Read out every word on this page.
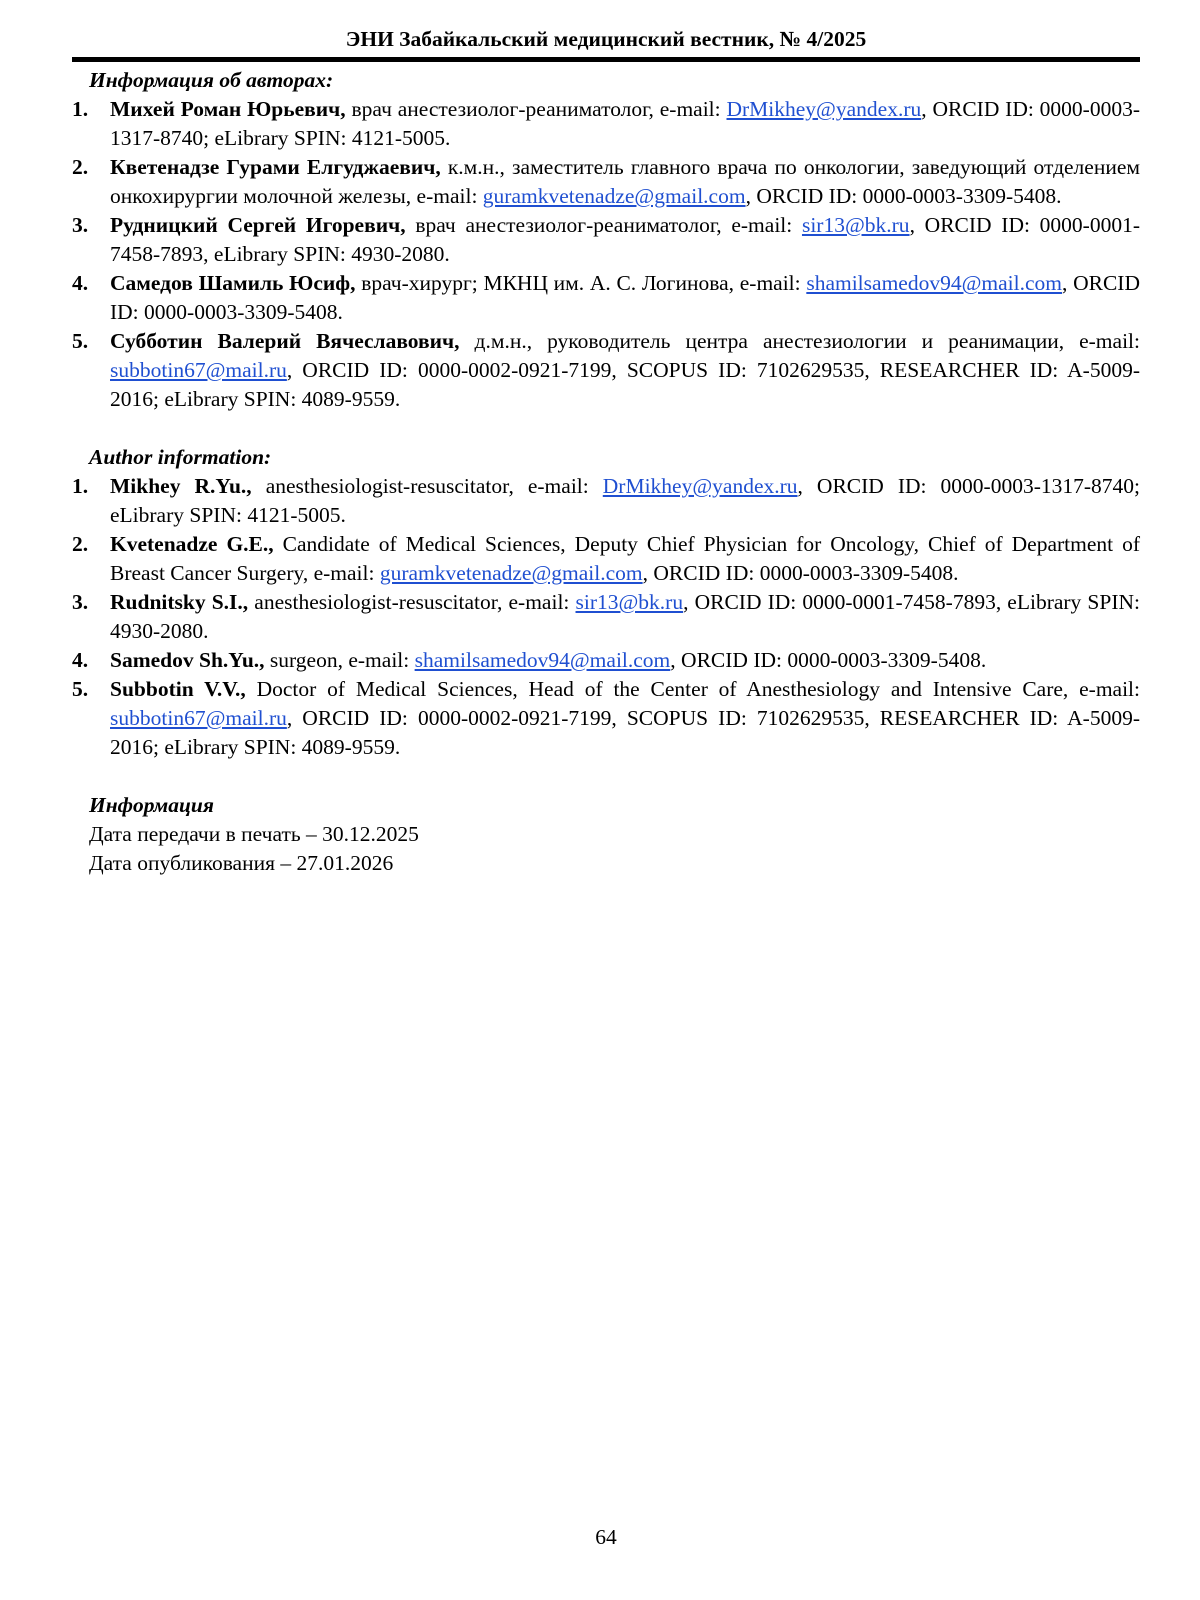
ЭНИ Забайкальский медицинский вестник, № 4/2025

Информация об авторах:

1. Михей Роман Юрьевич, врач анестезиолог-реаниматолог, e-mail: DrMikhey@yandex.ru, ORCID ID: 0000-0003-1317-8740; eLibrary SPIN: 4121-5005.
2. Кветенадзе Гурами Елгуджаевич, к.м.н., заместитель главного врача по онкологии, заведующий отделением онкохирургии молочной железы, e-mail: guramkvetenadze@gmail.com, ORCID ID: 0000-0003-3309-5408.
3. Рудницкий Сергей Игоревич, врач анестезиолог-реаниматолог, e-mail: sir13@bk.ru, ORCID ID: 0000-0001-7458-7893, eLibrary SPIN: 4930-2080.
4. Самедов Шамиль Юсиф, врач-хирург; МКНЦ им. А. С. Логинова, e-mail: shamilsamedov94@mail.com, ORCID ID: 0000-0003-3309-5408.
5. Субботин Валерий Вячеславович, д.м.н., руководитель центра анестезиологии и реанимации, e-mail: subbotin67@mail.ru, ORCID ID: 0000-0002-0921-7199, SCOPUS ID: 7102629535, RESEARCHER ID: A-5009-2016; eLibrary SPIN: 4089-9559.

Author information:

1. Mikhey R.Yu., anesthesiologist-resuscitator, e-mail: DrMikhey@yandex.ru, ORCID ID: 0000-0003-1317-8740; eLibrary SPIN: 4121-5005.
2. Kvetenadze G.E., Candidate of Medical Sciences, Deputy Chief Physician for Oncology, Chief of Department of Breast Cancer Surgery, e-mail: guramkvetenadze@gmail.com, ORCID ID: 0000-0003-3309-5408.
3. Rudnitsky S.I., anesthesiologist-resuscitator, e-mail: sir13@bk.ru, ORCID ID: 0000-0001-7458-7893, eLibrary SPIN: 4930-2080.
4. Samedov Sh.Yu., surgeon, e-mail: shamilsamedov94@mail.com, ORCID ID: 0000-0003-3309-5408.
5. Subbotin V.V., Doctor of Medical Sciences, Head of the Center of Anesthesiology and Intensive Care, e-mail: subbotin67@mail.ru, ORCID ID: 0000-0002-0921-7199, SCOPUS ID: 7102629535, RESEARCHER ID: A-5009-2016; eLibrary SPIN: 4089-9559.

Информация

Дата передачи в печать – 30.12.2025

Дата опубликования – 27.01.2026

64
